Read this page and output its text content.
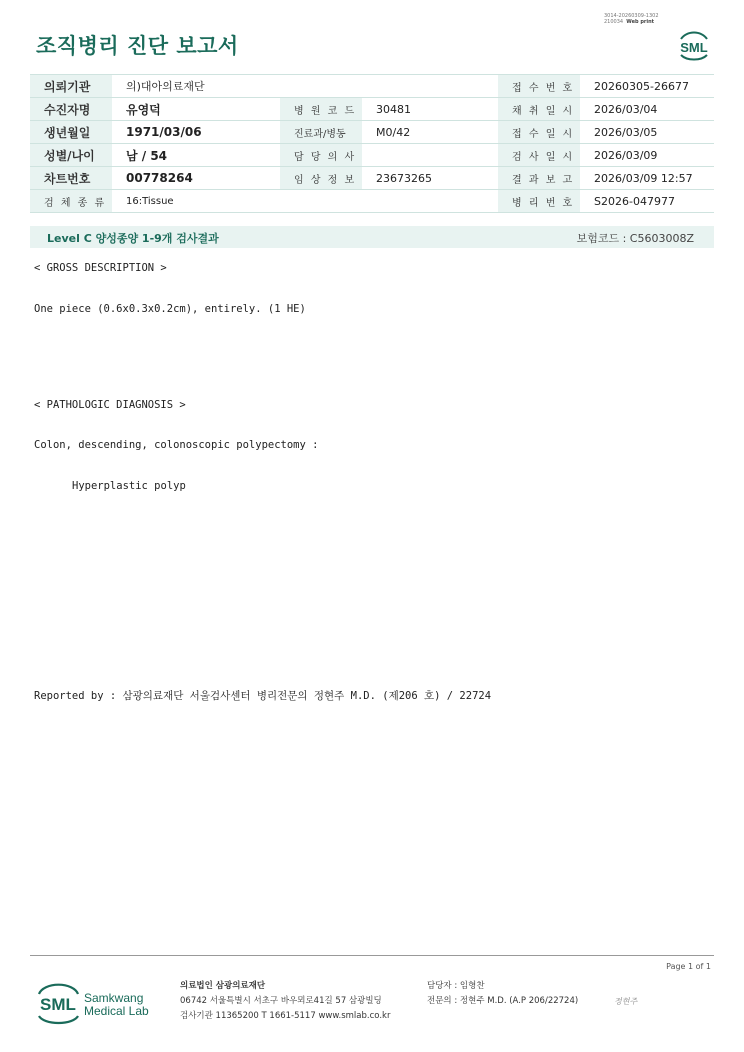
조직병리 진단 보고서
3014-20260309-1302
210034 Web print
SML
의뢰기관	의)대아의료재단			접 수 번 호	20260305-26677
수진자명	유영덕	병 원 코 드	30481	채 취 일 시	2026/03/04
생년월일	1971/03/06	진료과/병동	M0/42	접 수 일 시	2026/03/05
성별/나이	남 / 54	담 당 의 사		검 사 일 시	2026/03/09
차트번호	00778264	임 상 정 보	23673265	결 과 보 고	2026/03/09 12:57
검 체 종 류	16:Tissue			병 리 번 호	S2026-047977
Level C 양성종양 1-9개 검사결과	보험코드 : C5603008Z
< GROSS DESCRIPTION >
One piece (0.6x0.3x0.2cm), entirely. (1 HE)
< PATHOLOGIC DIAGNOSIS >
Colon, descending, colonoscopic polypectomy :
Hyperplastic polyp
Reported by : 삼광의료재단 서울검사센터 병리전문의 정현주 M.D. (제206 호) / 22724
Page 1 of 1
SML Samkwang
Medical Lab
의료법인 삼광의료재단
06742 서울특별시 서초구 바우뫼로41길 57 삼광빌딩
검사기관 11365200 T 1661-5117 www.smlab.co.kr
담당자 : 임형찬
전문의 : 정현주 M.D. (A.P 206/22724)	정현주
